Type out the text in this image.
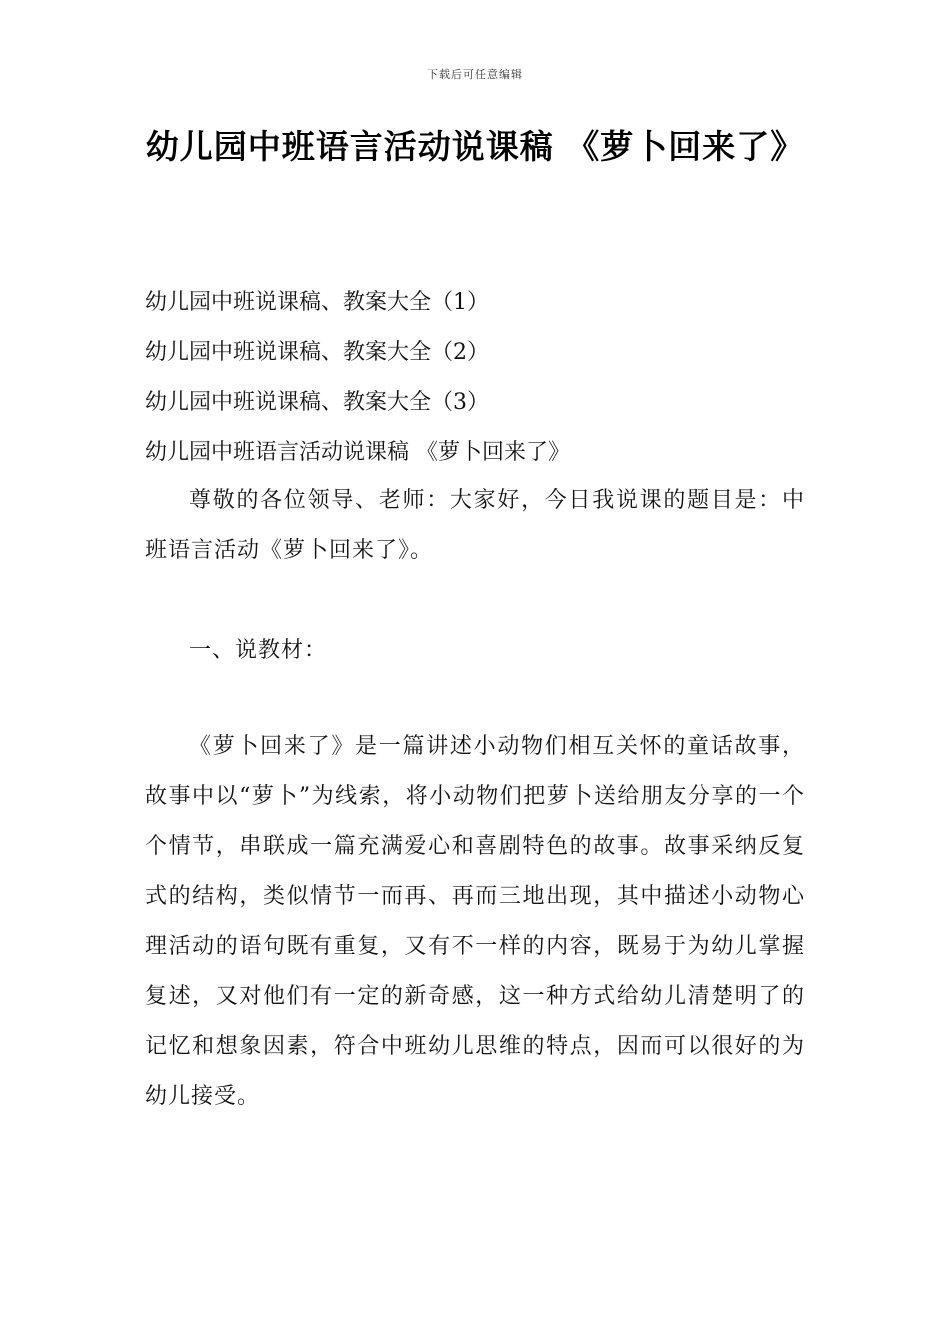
下载后可任意编辑
幼儿园中班语言活动说课稿 《萝卜回来了》
幼儿园中班说课稿、教案大全（1）
幼儿园中班说课稿、教案大全（2）
幼儿园中班说课稿、教案大全（3）
幼儿园中班语言活动说课稿 《萝卜回来了》

尊敬的各位领导、老师：大家好，今日我说课的题目是：中班语言活动《萝卜回来了》。

一、说教材：

《萝卜回来了》是一篇讲述小动物们相互关怀的童话故事，故事中以“萝卜”为线索，将小动物们把萝卜送给朋友分享的一个个情节，串联成一篇充满爱心和喜剧特色的故事。故事采纳反复式的结构，类似情节一而再、再而三地出现，其中描述小动物心理活动的语句既有重复，又有不一样的内容，既易于为幼儿掌握复述，又对他们有一定的新奇感，这一种方式给幼儿清楚明了的记忆和想象因素，符合中班幼儿思维的特点，因而可以很好的为幼儿接受。
